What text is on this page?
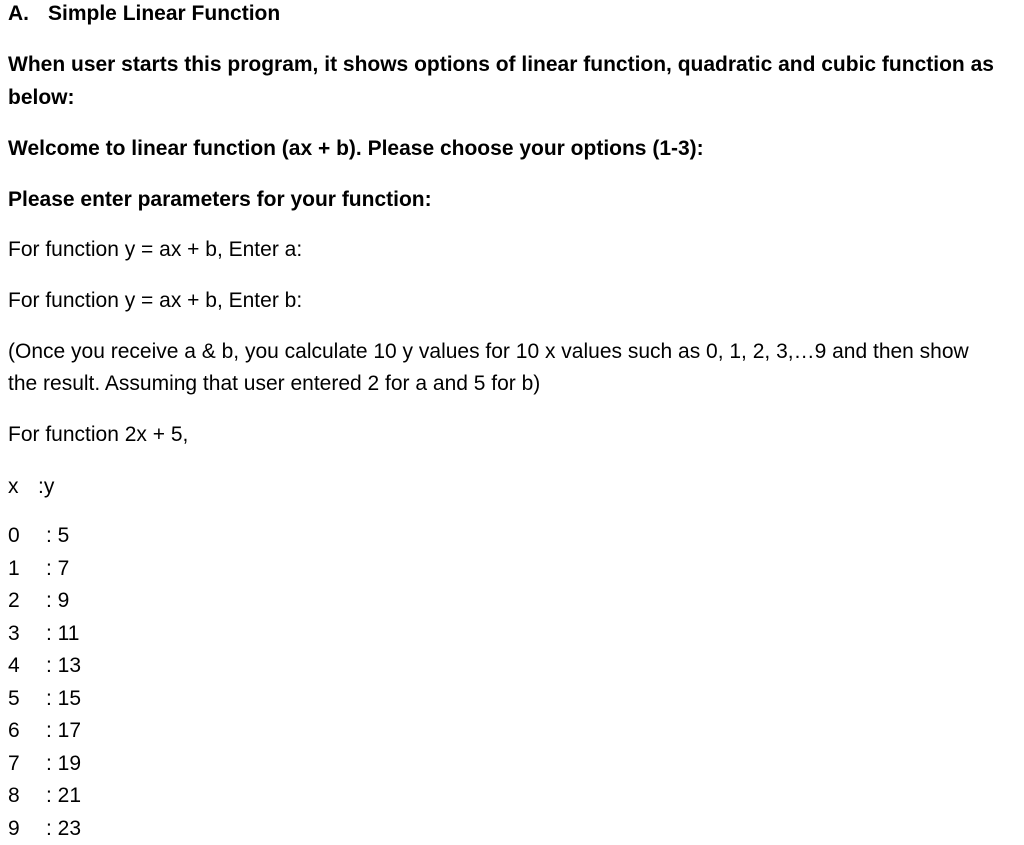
A. Simple Linear Function
When user starts this program, it shows options of linear function, quadratic and cubic function as
below:
Welcome to linear function (ax + b). Please choose your options (1-3):
Please enter parameters for your function:
For function y = ax + b, Enter a:
For function y = ax + b, Enter b:
(Once you receive a & b, you calculate 10 y values for 10 x values such as 0, 1, 2, 3,…9 and then show
the result. Assuming that user entered 2 for a and 5 for b)
For function 2x + 5,
x :y
0 : 5
1 : 7
2 : 9
3 : 11
4 : 13
5 : 15
6 : 17
7 : 19
8 : 21
9 : 23
